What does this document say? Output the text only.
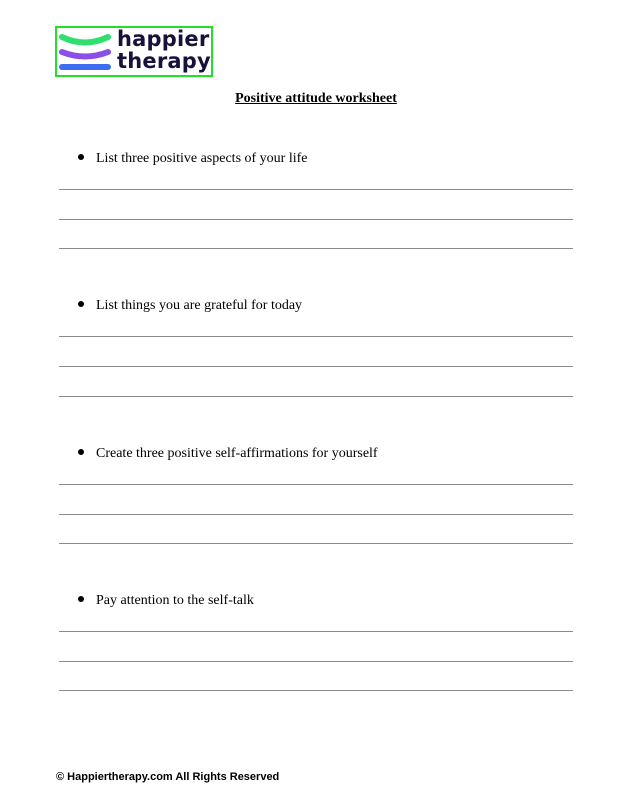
happier
therapy
Positive attitude worksheet
List three positive aspects of your life
List things you are grateful for today
Create three positive self-affirmations for yourself
Pay attention to the self-talk
© Happiertherapy.com All Rights Reserved
